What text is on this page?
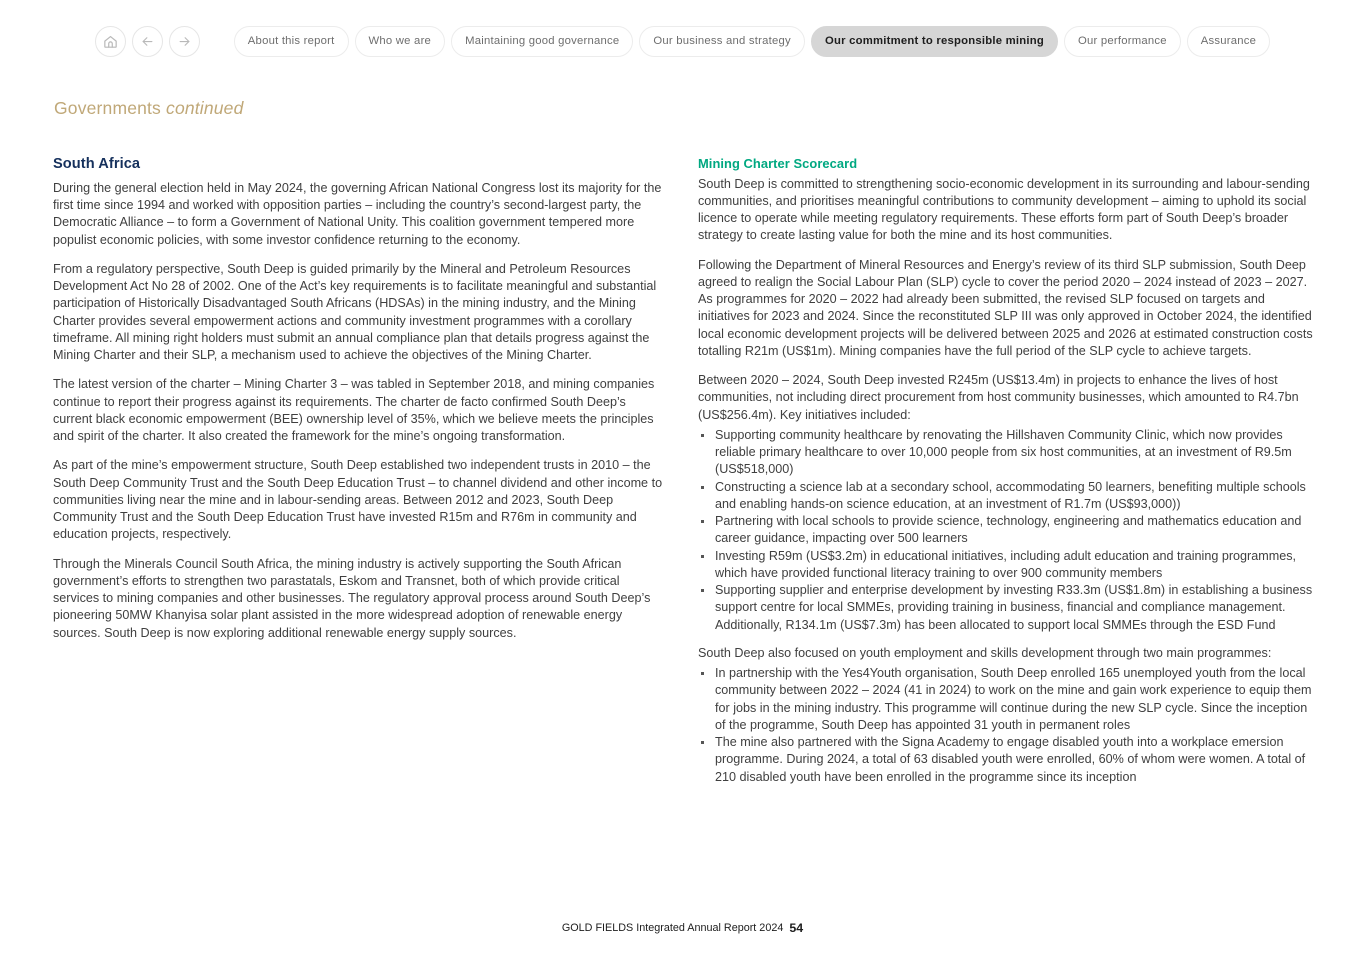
About this report	Who we are	Maintaining good governance	Our business and strategy	Our commitment to responsible mining	Our performance	Assurance
Governments continued
South Africa

During the general election held in May 2024, the governing African National Congress lost its majority for the first time since 1994 and worked with opposition parties – including the country’s second-largest party, the Democratic Alliance – to form a Government of National Unity. This coalition government tempered more populist economic policies, with some investor confidence returning to the economy.

From a regulatory perspective, South Deep is guided primarily by the Mineral and Petroleum Resources Development Act No 28 of 2002. One of the Act’s key requirements is to facilitate meaningful and substantial participation of Historically Disadvantaged South Africans (HDSAs) in the mining industry, and the Mining Charter provides several empowerment actions and community investment programmes with a corollary timeframe. All mining right holders must submit an annual compliance plan that details progress against the Mining Charter and their SLP, a mechanism used to achieve the objectives of the Mining Charter.

The latest version of the charter – Mining Charter 3 – was tabled in September 2018, and mining companies continue to report their progress against its requirements. The charter de facto confirmed South Deep’s current black economic empowerment (BEE) ownership level of 35%, which we believe meets the principles and spirit of the charter. It also created the framework for the mine’s ongoing transformation.

As part of the mine’s empowerment structure, South Deep established two independent trusts in 2010 – the South Deep Community Trust and the South Deep Education Trust – to channel dividend and other income to communities living near the mine and in labour-sending areas. Between 2012 and 2023, South Deep Community Trust and the South Deep Education Trust have invested R15m and R76m in community and education projects, respectively.

Through the Minerals Council South Africa, the mining industry is actively supporting the South African government’s efforts to strengthen two parastatals, Eskom and Transnet, both of which provide critical services to mining companies and other businesses. The regulatory approval process around South Deep’s pioneering 50MW Khanyisa solar plant assisted in the more widespread adoption of renewable energy sources. South Deep is now exploring additional renewable energy supply sources.

Mining Charter Scorecard

South Deep is committed to strengthening socio-economic development in its surrounding and labour-sending communities, and prioritises meaningful contributions to community development – aiming to uphold its social licence to operate while meeting regulatory requirements. These efforts form part of South Deep’s broader strategy to create lasting value for both the mine and its host communities.

Following the Department of Mineral Resources and Energy’s review of its third SLP submission, South Deep agreed to realign the Social Labour Plan (SLP) cycle to cover the period 2020 – 2024 instead of 2023 – 2027. As programmes for 2020 – 2022 had already been submitted, the revised SLP focused on targets and initiatives for 2023 and 2024. Since the reconstituted SLP III was only approved in October 2024, the identified local economic development projects will be delivered between 2025 and 2026 at estimated construction costs totalling R21m (US$1m). Mining companies have the full period of the SLP cycle to achieve targets.

Between 2020 – 2024, South Deep invested R245m (US$13.4m) in projects to enhance the lives of host communities, not including direct procurement from host community businesses, which amounted to R4.7bn (US$256.4m). Key initiatives included:

Supporting community healthcare by renovating the Hillshaven Community Clinic, which now provides reliable primary healthcare to over 10,000 people from six host communities, at an investment of R9.5m (US$518,000)
Constructing a science lab at a secondary school, accommodating 50 learners, benefiting multiple schools and enabling hands-on science education, at an investment of R1.7m (US$93,000))
Partnering with local schools to provide science, technology, engineering and mathematics education and career guidance, impacting over 500 learners
Investing R59m (US$3.2m) in educational initiatives, including adult education and training programmes, which have provided functional literacy training to over 900 community members
Supporting supplier and enterprise development by investing R33.3m (US$1.8m) in establishing a business support centre for local SMMEs, providing training in business, financial and compliance management. Additionally, R134.1m (US$7.3m) has been allocated to support local SMMEs through the ESD Fund

South Deep also focused on youth employment and skills development through two main programmes:

In partnership with the Yes4Youth organisation, South Deep enrolled 165 unemployed youth from the local community between 2022 – 2024 (41 in 2024) to work on the mine and gain work experience to equip them for jobs in the mining industry. This programme will continue during the new SLP cycle. Since the inception of the programme, South Deep has appointed 31 youth in permanent roles
The mine also partnered with the Signa Academy to engage disabled youth into a workplace emersion programme. During 2024, a total of 63 disabled youth were enrolled, 60% of whom were women. A total of 210 disabled youth have been enrolled in the programme since its inception
GOLD FIELDS Integrated Annual Report 2024 54
